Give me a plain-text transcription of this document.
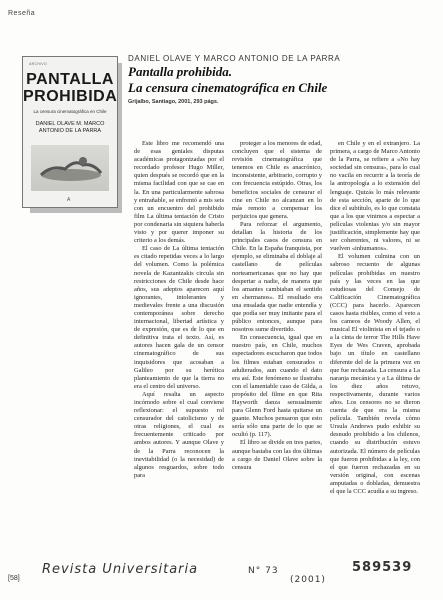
Reseña
ARCHIVO
PANTALLA PROHIBIDA
La censura cinematográfica en Chile
DANIEL OLAVE M. MARCO ANTONIO DE LA PARRA
A
DANIEL OLAVE Y MARCO ANTONIO DE LA PARRA
Pantalla prohibida.
La censura cinematográfica en Chile
Grijalbo, Santiago, 2001, 293 págs.

Este libro me recomendó una de esas geniales disputas académicas protagonizadas por el recordado profesor Hugo Miller, quien después se recordó que en la misma facilidad con que se cae en la. En una particularmente sabrosa y entrañable, se enfrentó a mis seis con un encuentro del prohibido film La última tentación de Cristo por condenaria sin siquiera haberla visto y por querer imponer su criterio a los demás.

El caso de La última tentación es citado repetidas veces a lo largo del volumen. Como la polémica novela de Kazantzakis circula sin restricciones de Chile desde hace años, sus adeptos aparecen aquí ignorantes, intolerantes y medievales frente a una discusión contemporánea sobre derecho internacional, libertad artística y de expresión, que es de lo que en definitiva trata el texto. Así, es autores hacen gala de un censor cinematográfico de sus inquisidores que acosaban a Galileo por su herética planteamiento de que la tierra no era el centro del universo.

Aquí resalta un aspecto incómodo sobre el cual conviene reflexionar: el supuesto rol censurador del catolicismo y de otras religiones, el cual es frecuentemente criticado por ambos autores. Y aunque Olave y de la Parra reconocen la inevitabilidad (o la necesidad) de algunos resguardos, sobre todo para

proteger a los menores de edad, concluyen que el sistema de revisión cinematográfica que tenemos en Chile es anacrónico, inconsistente, arbitrario, corrupto y con frecuencia estúpido. Otras, los beneficios sociales de censurar el cine en Chile no alcanzan en lo más remoto a compensar los perjuicios que genera.

Para reforzar el argumento, detallan la historia de los principales casos de censura en Chile. En la España franquista, por ejemplo, se eliminaba el doblaje al castellano de películas norteamericanas que no hay que despertar a nadie, de manera que los amantes cambiaban el sentido en «hermanos». El resultado era una ensalada que nadie entendía y que podía ser muy imitante para el público entonces, aunque para nosotros sume divertido.

En consecuencia, igual que en nuestro país, en Chile, muchos espectadores escucharon que todos los filmes estaban censurados o adulterados, aun cuando el dato era así. Este fenómeno se ilustraba con el lamentable caso de Gilda, a propósito del filme en que Rita Hayworth danza sensualmente para Glenn Ford hasta quitarse un guante. Muchos pensaron que esto sería sólo una parte de lo que se ocultó (p. 117).

El libro se divide en tres partes, aunque bastaba con las dos últimas a cargo de Daniel Olave sobre la censura

en Chile y en el extranjero. La primera, a cargo de Marco Antonio de la Parra, se refiere a «No hay sociedad sin censura», para lo cual no vacila en recurrir a la teoría de la antropología a lo extensión del lenguaje. Quizás lo más relevante de esta sección, aparte de lo que dice el subtítulo, es lo que constata que a los que vinimos a espectar a películas violentas y/o sin mayor justificación, simplemente hay que ser coherentes, ni valores, ni se vuelven «inhumanos».

El volumen culmina con un sabroso recuento de algunas películas prohibidas en nuestro país y las veces en las que estudiosas del Consejo de Calificación Cinematográfica (CCC) para hacerlo. Aparecen casos hasta risibles, como el veto a los cameos de Woody Allen, el musical El violinista en el tejado o a la cinta de terror The Hills Have Eyes de Wes Craven, aprobada bajo un título en castellano diferente del de la primera vez en que fue rechazada. La censura a La naranja mecánica y a La última de los diez años retuvo, respectivamente, durante varios años. Los censores no se dieron cuenta de que era la misma película. También revela cómo Ursula Andrews pudo exhibir su desnudo prohibido a los chilenos, cuando su distribución estuvo autorizada. El número de películas que fueron prohibidas a la ley, con el que fueron rechazadas en su versión original, con escenas amputadas o dobladas, demuestra el que la CCC acudía a su ingreso.

[58]
Revista Universitaria	N° 73
(2001)
589539
